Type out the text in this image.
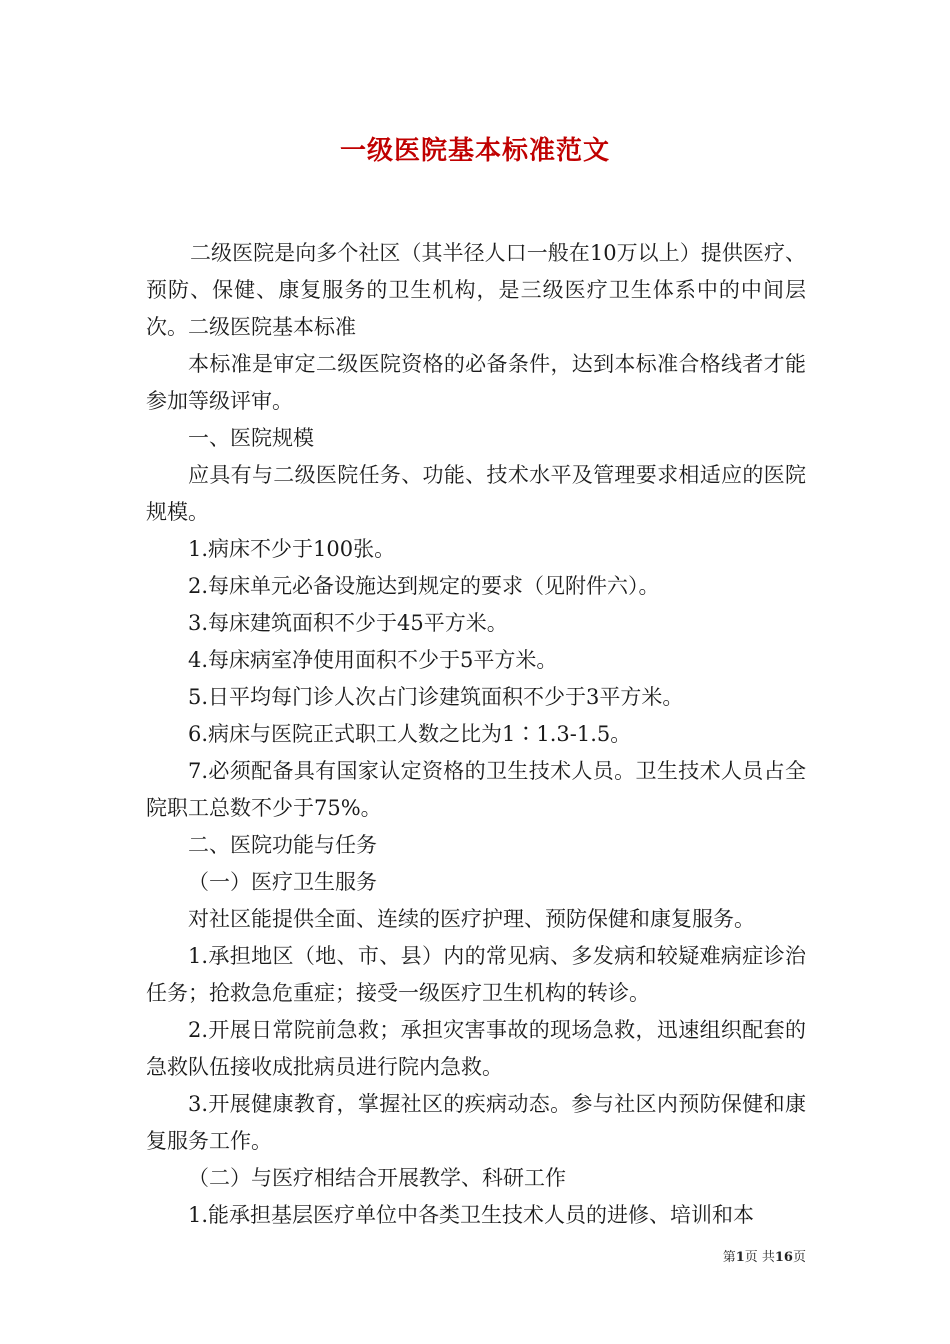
一级医院基本标准范文

二级医院是向多个社区（其半径人口一般在10万以上）提供医疗、预防、保健、康复服务的卫生机构，是三级医疗卫生体系中的中间层次。二级医院基本标准

本标准是审定二级医院资格的必备条件，达到本标准合格线者才能参加等级评审。

一、医院规模

应具有与二级医院任务、功能、技术水平及管理要求相适应的医院规模。

1.病床不少于100张。

2.每床单元必备设施达到规定的要求（见附件六）。

3.每床建筑面积不少于45平方米。

4.每床病室净使用面积不少于5平方米。

5.日平均每门诊人次占门诊建筑面积不少于3平方米。

6.病床与医院正式职工人数之比为1∶1.3-1.5。

7.必须配备具有国家认定资格的卫生技术人员。卫生技术人员占全院职工总数不少于75%。

二、医院功能与任务

（一）医疗卫生服务

对社区能提供全面、连续的医疗护理、预防保健和康复服务。

1.承担地区（地、市、县）内的常见病、多发病和较疑难病症诊治任务；抢救急危重症；接受一级医疗卫生机构的转诊。

2.开展日常院前急救；承担灾害事故的现场急救，迅速组织配套的急救队伍接收成批病员进行院内急救。

3.开展健康教育，掌握社区的疾病动态。参与社区内预防保健和康复服务工作。

（二）与医疗相结合开展教学、科研工作

1.能承担基层医疗单位中各类卫生技术人员的进修、培训和本

第1页 共16页
